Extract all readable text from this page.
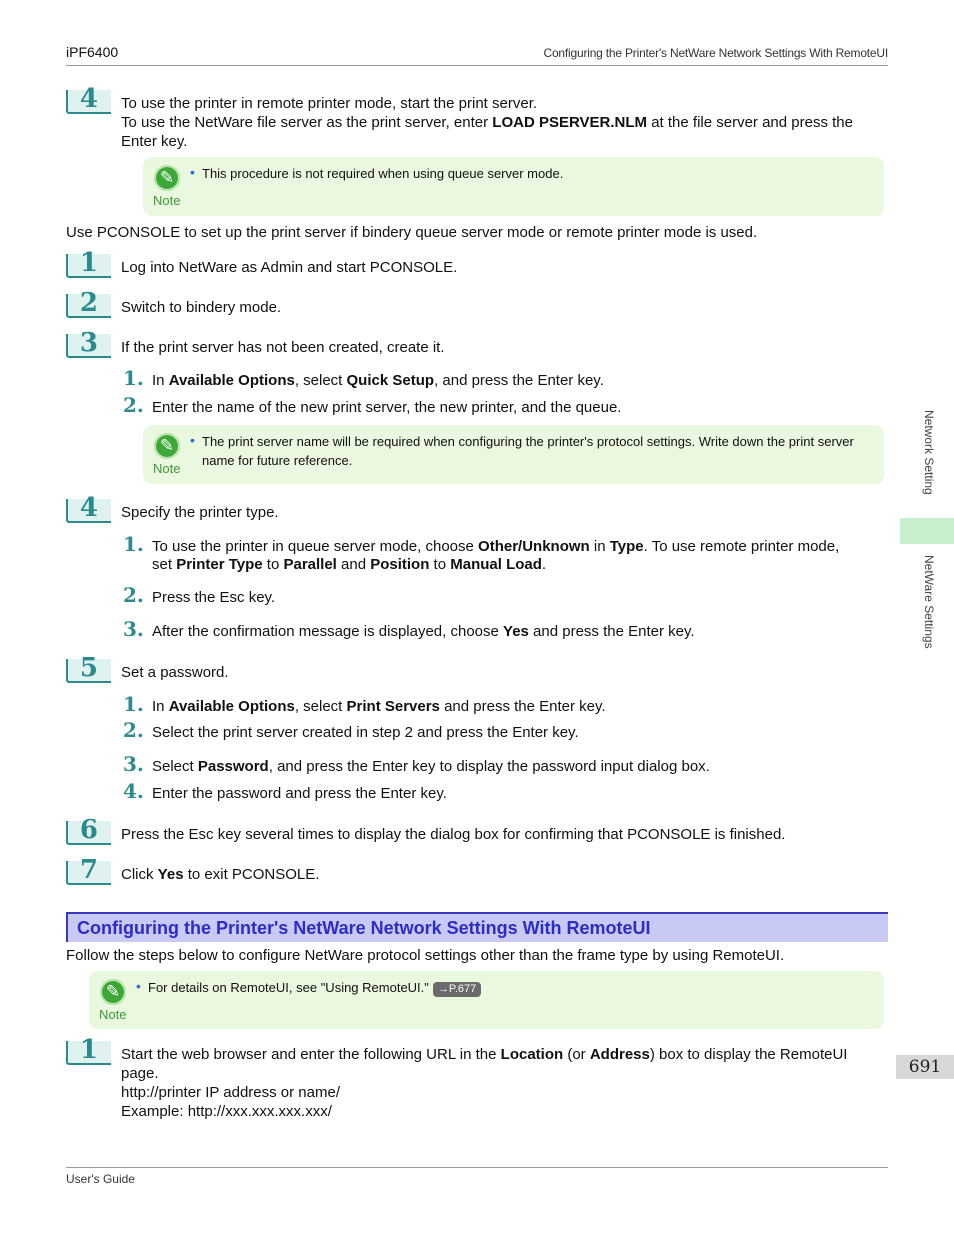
iPF6400	Configuring the Printer's NetWare Network Settings With RemoteUI
4 To use the printer in remote printer mode, start the print server.
To use the NetWare file server as the print server, enter LOAD PSERVER.NLM at the file server and press the
Enter key.
✎
Note
• This procedure is not required when using queue server mode.
Use PCONSOLE to set up the print server if bindery queue server mode or remote printer mode is used.
1 Log into NetWare as Admin and start PCONSOLE.
2 Switch to bindery mode.
3 If the print server has not been created, create it.
1. In Available Options, select Quick Setup, and press the Enter key.
2. Enter the name of the new print server, the new printer, and the queue.
✎
Note
• The print server name will be required when configuring the printer's protocol settings. Write down the print server
name for future reference.
4 Specify the printer type.
1. To use the printer in queue server mode, choose Other/Unknown in Type. To use remote printer mode,
set Printer Type to Parallel and Position to Manual Load.
2. Press the Esc key.
3. After the confirmation message is displayed, choose Yes and press the Enter key.
5 Set a password.
1. In Available Options, select Print Servers and press the Enter key.
2. Select the print server created in step 2 and press the Enter key.
3. Select Password, and press the Enter key to display the password input dialog box.
4. Enter the password and press the Enter key.
6 Press the Esc key several times to display the dialog box for confirming that PCONSOLE is finished.
7 Click Yes to exit PCONSOLE.
Configuring the Printer's NetWare Network Settings With RemoteUI
Follow the steps below to configure NetWare protocol settings other than the frame type by using RemoteUI.
✎
Note
• For details on RemoteUI, see "Using RemoteUI." →P.677
1 Start the web browser and enter the following URL in the Location (or Address) box to display the RemoteUI
page.
http://printer IP address or name/
Example: http://xxx.xxx.xxx.xxx/
Network Setting
NetWare Settings
691
User's Guide
